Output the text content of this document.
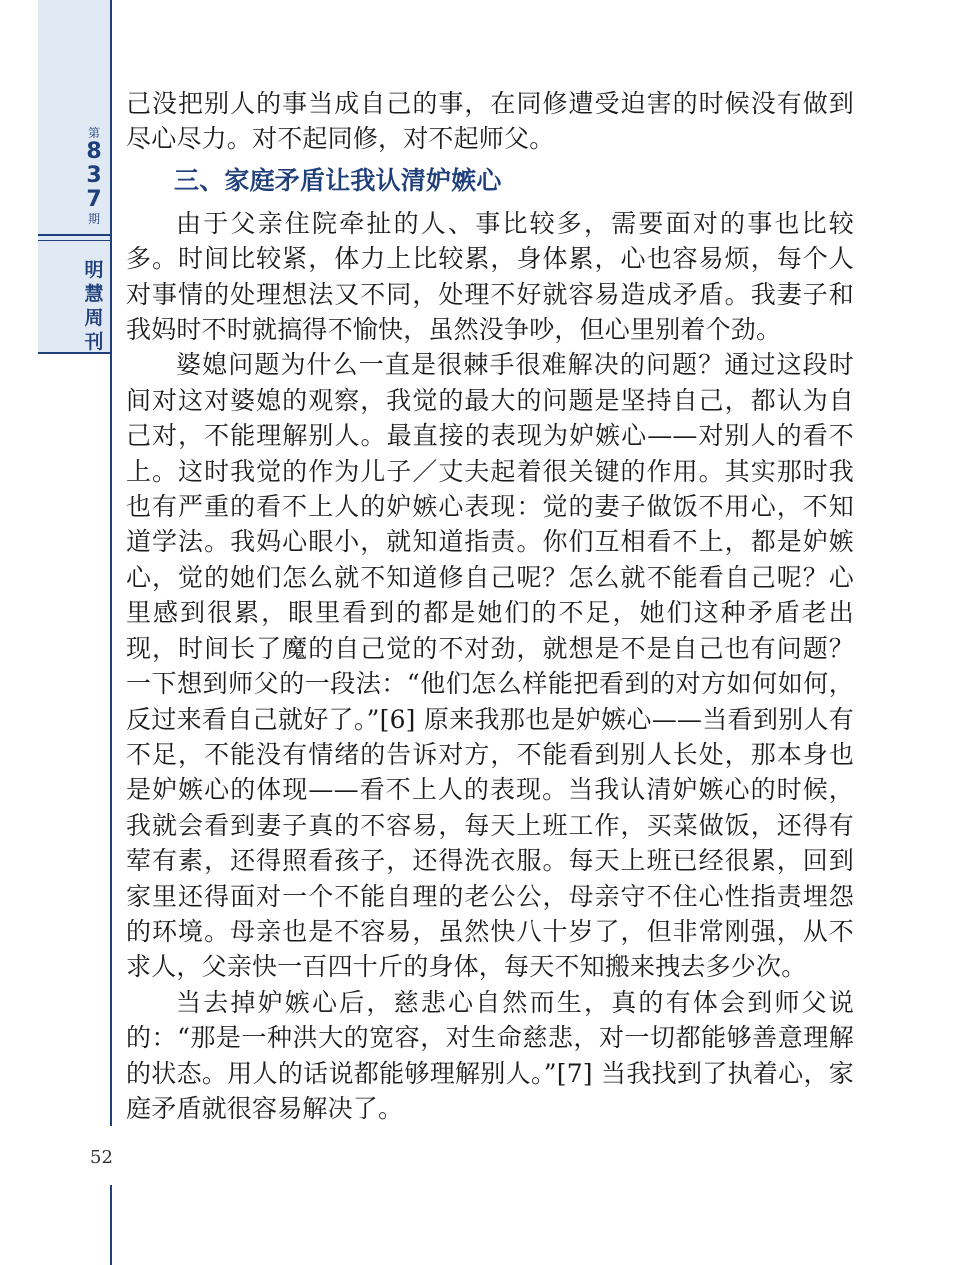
第
8
3
7
期
明
慧
周
刊
52

己没把别人的事当成自己的事，在同修遭受迫害的时候没有做到尽心尽力。对不起同修，对不起师父。

三、家庭矛盾让我认清妒嫉心

由于父亲住院牵扯的人、事比较多，需要面对的事也比较多。时间比较紧，体力上比较累，身体累，心也容易烦，每个人对事情的处理想法又不同，处理不好就容易造成矛盾。我妻子和我妈时不时就搞得不愉快，虽然没争吵，但心里别着个劲。

婆媳问题为什么一直是很棘手很难解决的问题？通过这段时间对这对婆媳的观察，我觉的最大的问题是坚持自己，都认为自己对，不能理解别人。最直接的表现为妒嫉心——对别人的看不上。这时我觉的作为儿子／丈夫起着很关键的作用。其实那时我也有严重的看不上人的妒嫉心表现：觉的妻子做饭不用心，不知道学法。我妈心眼小，就知道指责。你们互相看不上，都是妒嫉心，觉的她们怎么就不知道修自己呢？怎么就不能看自己呢？心里感到很累，眼里看到的都是她们的不足，她们这种矛盾老出现，时间长了魔的自己觉的不对劲，就想是不是自己也有问题？一下想到师父的一段法：“他们怎么样能把看到的对方如何如何，反过来看自己就好了。”[6] 原来我那也是妒嫉心——当看到别人有不足，不能没有情绪的告诉对方，不能看到别人长处，那本身也是妒嫉心的体现——看不上人的表现。当我认清妒嫉心的时候，我就会看到妻子真的不容易，每天上班工作，买菜做饭，还得有荤有素，还得照看孩子，还得洗衣服。每天上班已经很累，回到家里还得面对一个不能自理的老公公，母亲守不住心性指责埋怨的环境。母亲也是不容易，虽然快八十岁了，但非常刚强，从不求人，父亲快一百四十斤的身体，每天不知搬来拽去多少次。

当去掉妒嫉心后，慈悲心自然而生，真的有体会到师父说的：“那是一种洪大的宽容，对生命慈悲，对一切都能够善意理解的状态。用人的话说都能够理解别人。”[7] 当我找到了执着心，家庭矛盾就很容易解决了。
